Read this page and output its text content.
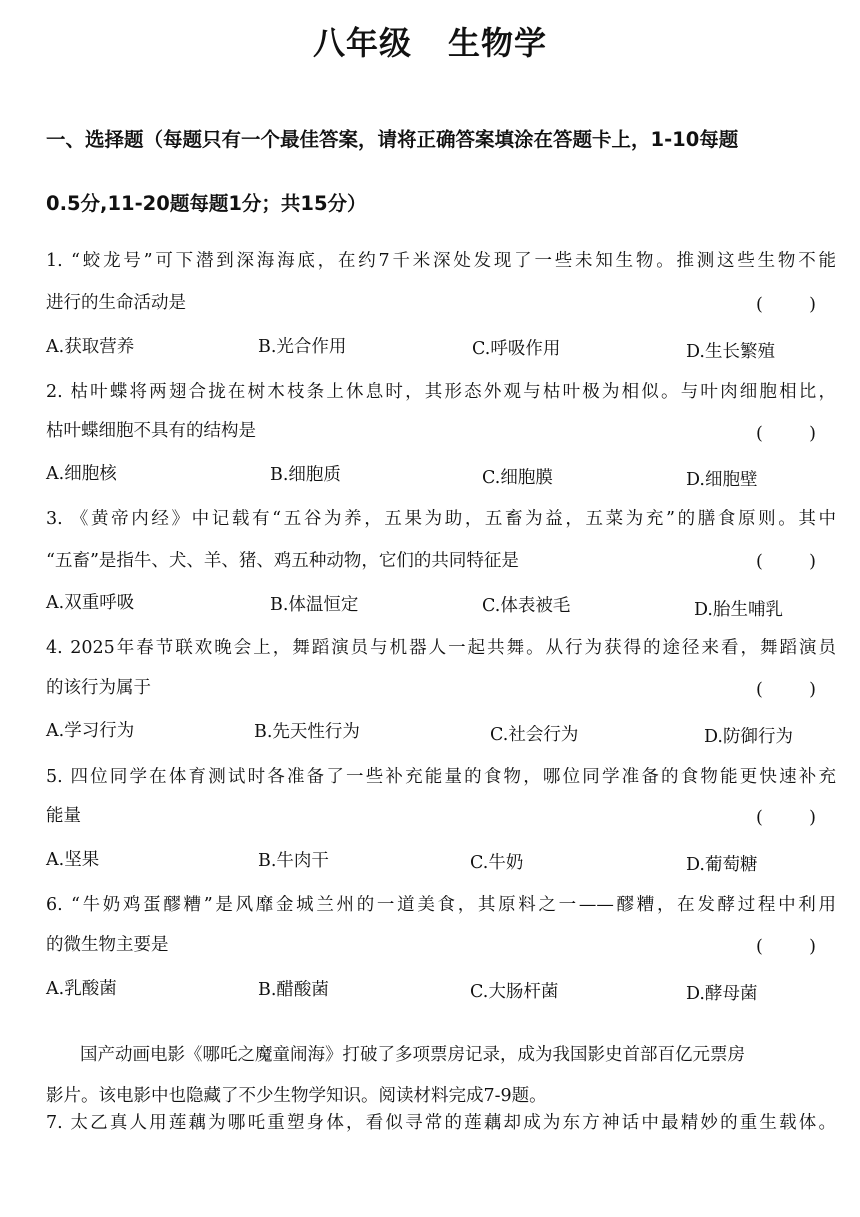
八年级 生物学

一、选择题（每题只有一个最佳答案，请将正确答案填涂在答题卡上，1-10每题

0.5分,11-20题每题1分；共15分）

1. “蛟龙号”可下潜到深海海底，在约7千米深处发现了一些未知生物。推测这些生物不能

进行的生命活动是	(	)
A.获取营养	B.光合作用	C.呼吸作用	D.生长繁殖

2. 枯叶蝶将两翅合拢在树木枝条上休息时，其形态外观与枯叶极为相似。与叶肉细胞相比，

枯叶蝶细胞不具有的结构是	(	)
A.细胞核	B.细胞质	C.细胞膜	D.细胞壁

3. 《黄帝内经》中记载有“五谷为养，五果为助，五畜为益，五菜为充”的膳食原则。其中

“五畜”是指牛、犬、羊、猪、鸡五种动物，它们的共同特征是	(	)
A.双重呼吸	B.体温恒定	C.体表被毛	D.胎生哺乳

4. 2025年春节联欢晚会上，舞蹈演员与机器人一起共舞。从行为获得的途径来看，舞蹈演员

的该行为属于	(	)
A.学习行为	B.先天性行为	C.社会行为	D.防御行为

5. 四位同学在体育测试时各准备了一些补充能量的食物，哪位同学准备的食物能更快速补充

能量	(	)
A.坚果	B.牛肉干	C.牛奶	D.葡萄糖

6. “牛奶鸡蛋醪糟”是风靡金城兰州的一道美食，其原料之一——醪糟，在发酵过程中利用

的微生物主要是	(	)
A.乳酸菌	B.醋酸菌	C.大肠杆菌	D.酵母菌

国产动画电影《哪吒之魔童闹海》打破了多项票房记录，成为我国影史首部百亿元票房

影片。该电影中也隐藏了不少生物学知识。阅读材料完成7-9题。

7. 太乙真人用莲藕为哪吒重塑身体，看似寻常的莲藕却成为东方神话中最精妙的重生载体。
